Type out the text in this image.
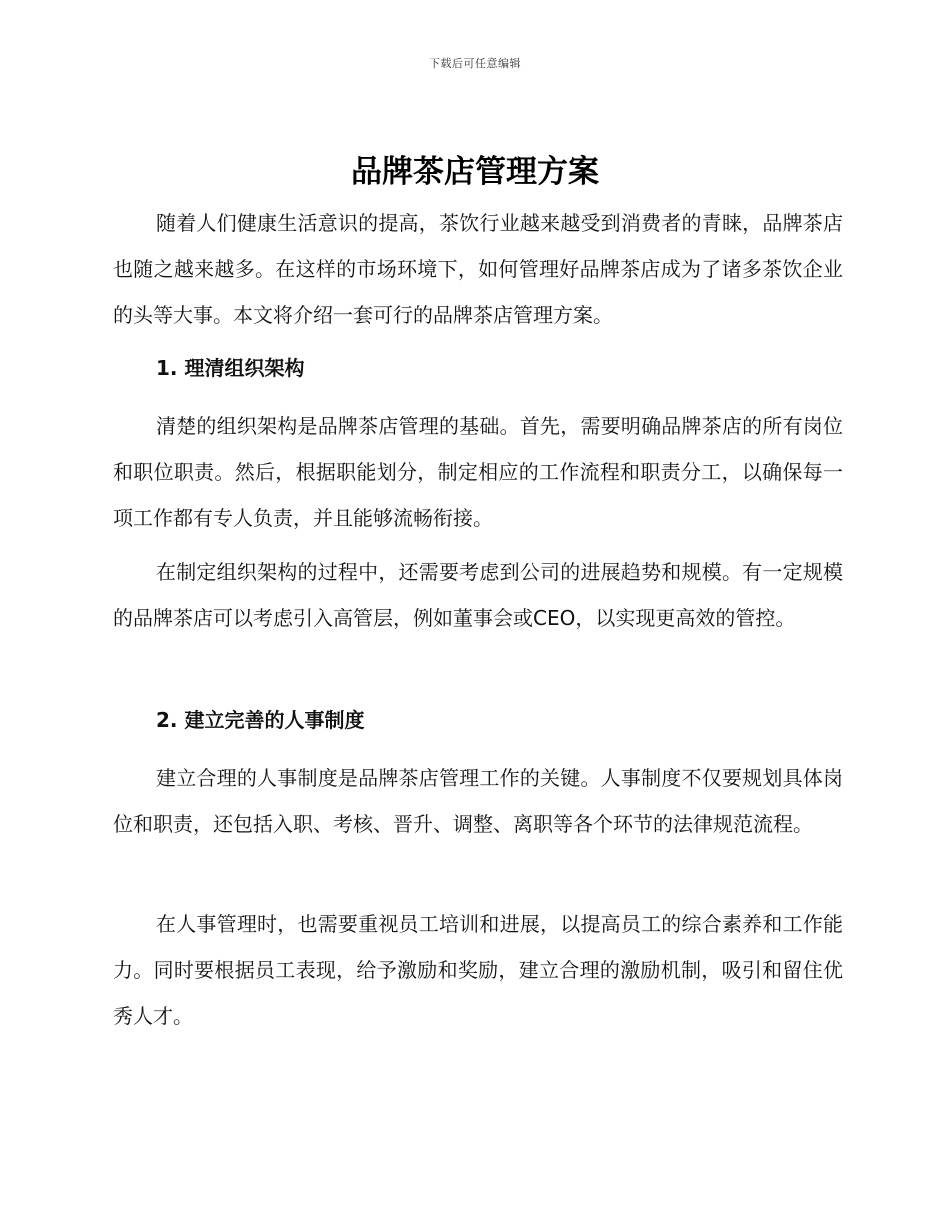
下载后可任意编辑
品牌茶店管理方案

随着人们健康生活意识的提高，茶饮行业越来越受到消费者的青睐，品牌茶店也随之越来越多。在这样的市场环境下，如何管理好品牌茶店成为了诸多茶饮企业的头等大事。本文将介绍一套可行的品牌茶店管理方案。

1. 理清组织架构

清楚的组织架构是品牌茶店管理的基础。首先，需要明确品牌茶店的所有岗位和职位职责。然后，根据职能划分，制定相应的工作流程和职责分工，以确保每一项工作都有专人负责，并且能够流畅衔接。

在制定组织架构的过程中，还需要考虑到公司的进展趋势和规模。有一定规模的品牌茶店可以考虑引入高管层，例如董事会或CEO，以实现更高效的管控。

2. 建立完善的人事制度

建立合理的人事制度是品牌茶店管理工作的关键。人事制度不仅要规划具体岗位和职责，还包括入职、考核、晋升、调整、离职等各个环节的法律规范流程。

在人事管理时，也需要重视员工培训和进展，以提高员工的综合素养和工作能力。同时要根据员工表现，给予激励和奖励，建立合理的激励机制，吸引和留住优秀人才。
